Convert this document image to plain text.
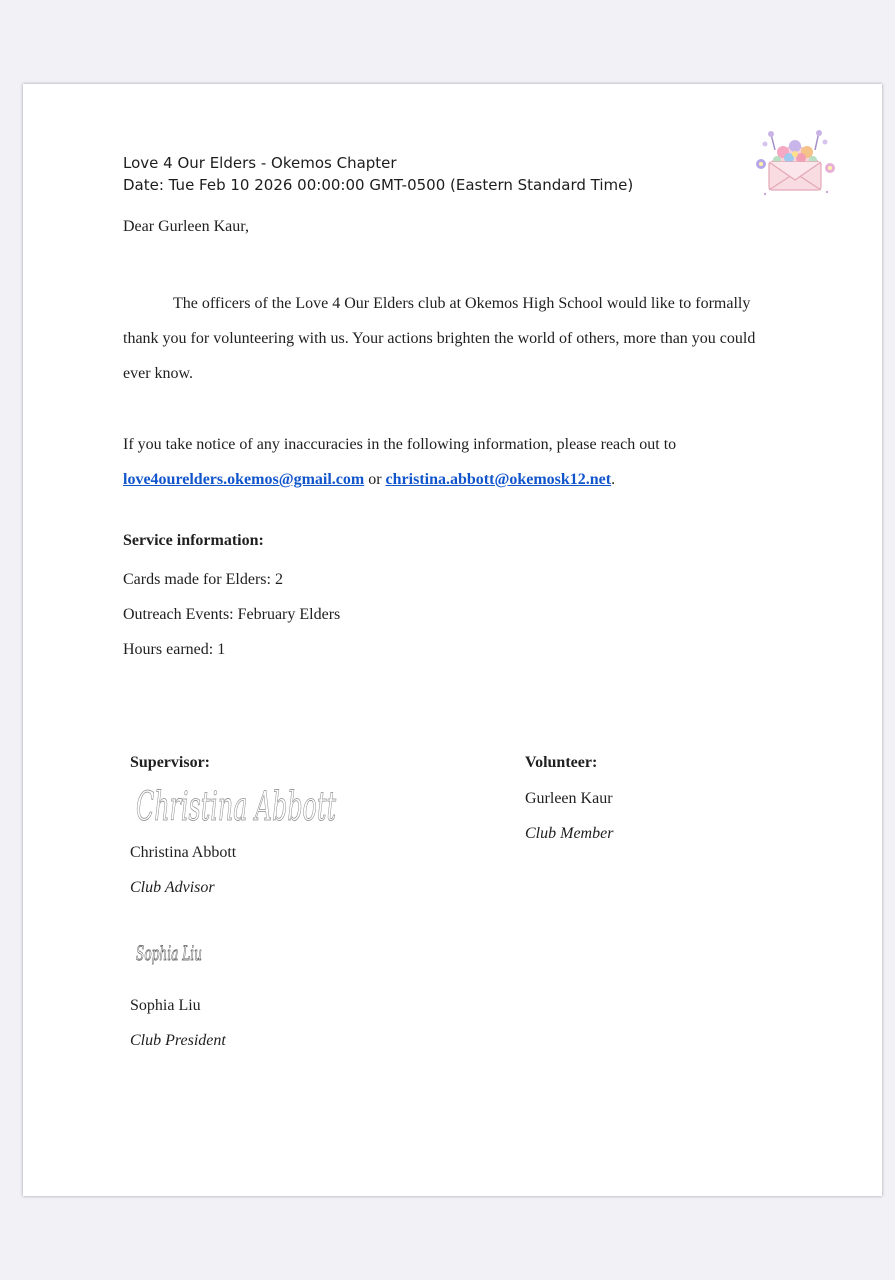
Love 4 Our Elders - Okemos Chapter
Date: Tue Feb 10 2026 00:00:00 GMT-0500 (Eastern Standard Time)
Dear Gurleen Kaur,
The officers of the Love 4 Our Elders club at Okemos High School would like to formally thank you for volunteering with us. Your actions brighten the world of others, more than you could ever know.
If you take notice of any inaccuracies in the following information, please reach out to
love4ourelders.okemos@gmail.com or christina.abbott@okemosk12.net.
Service information:
Cards made for Elders: 2
Outreach Events: February Elders
Hours earned: 1
Supervisor:
Christina Abbott
Christina Abbott
Club Advisor
Sophia Liu
Sophia Liu
Club President
Volunteer:
Gurleen Kaur
Club Member
